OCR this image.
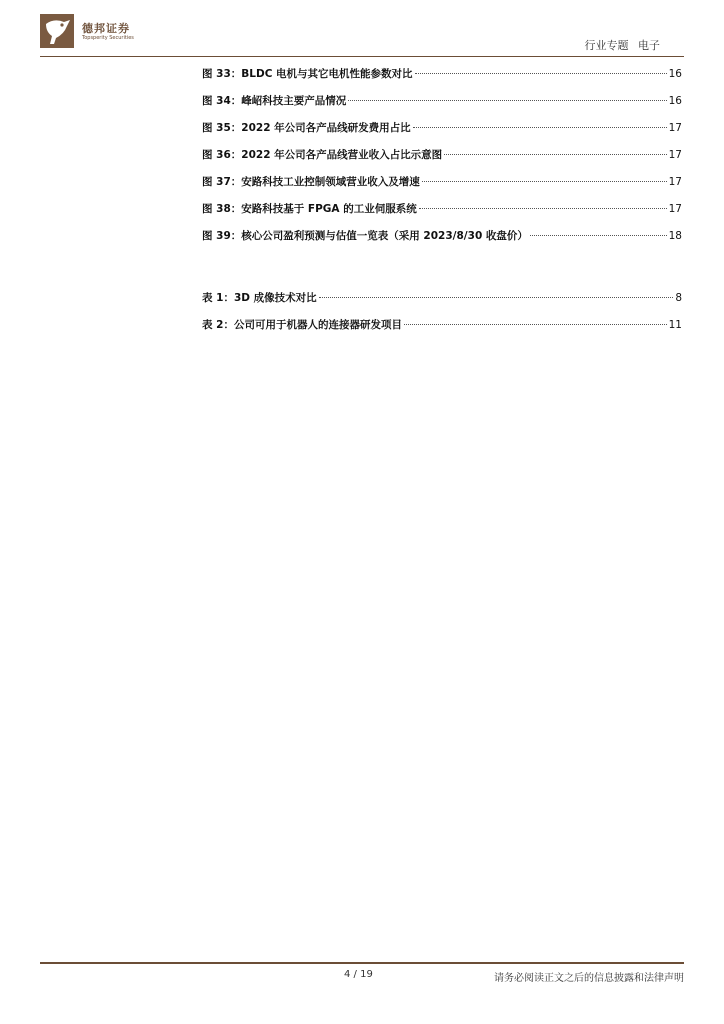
德邦证券
Topsperity Securities
行业专题 电子
图 33：BLDC 电机与其它电机性能参数对比	16
图 34：峰岹科技主要产品情况	16
图 35：2022 年公司各产品线研发费用占比	17
图 36：2022 年公司各产品线营业收入占比示意图	17
图 37：安路科技工业控制领域营业收入及增速	17
图 38：安路科技基于 FPGA 的工业伺服系统	17
图 39：核心公司盈利预测与估值一览表（采用 2023/8/30 收盘价）	18
表 1：3D 成像技术对比	8
表 2：公司可用于机器人的连接器研发项目	11
4 / 19	请务必阅读正文之后的信息披露和法律声明
